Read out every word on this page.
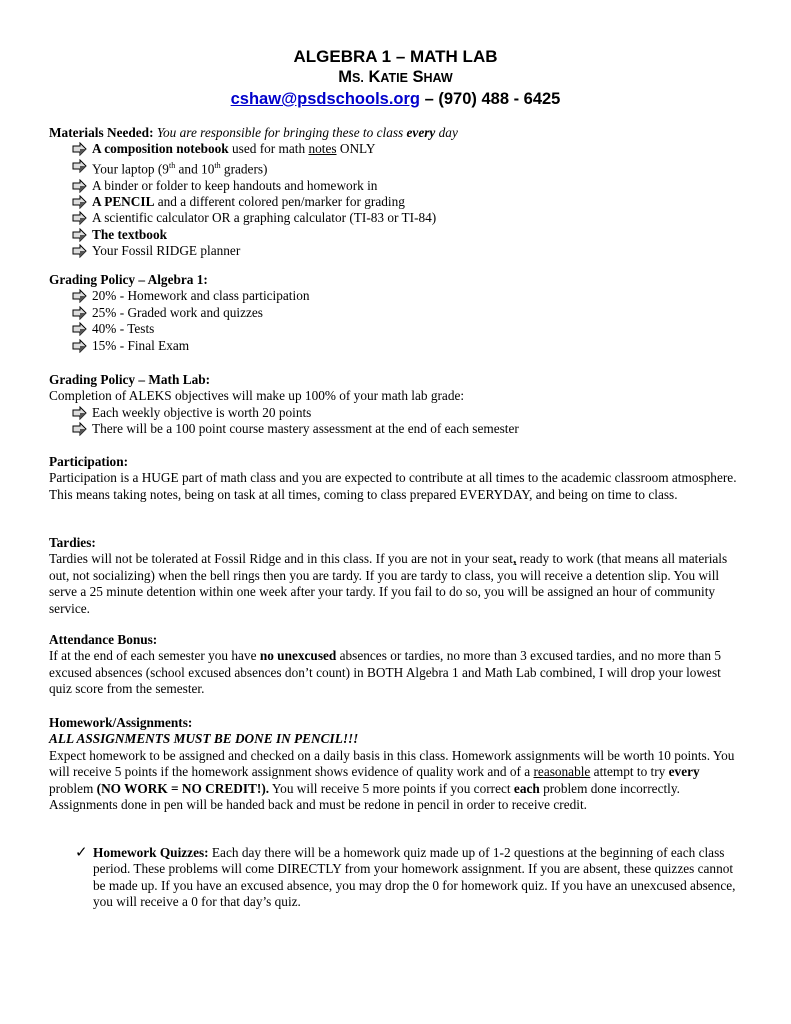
ALGEBRA 1 – MATH LAB
MS. KATIE SHAW
cshaw@psdschools.org – (970) 488 - 6425

Materials Needed: You are responsible for bringing these to class every day

A composition notebook used for math notes ONLY
Your laptop (9th and 10th graders)
A binder or folder to keep handouts and homework in
A PENCIL and a different colored pen/marker for grading
A scientific calculator OR a graphing calculator (TI-83 or TI-84)
The textbook
Your Fossil RIDGE planner

Grading Policy – Algebra 1:

20% - Homework and class participation
25% - Graded work and quizzes
40% - Tests
15% - Final Exam

Grading Policy – Math Lab:

Completion of ALEKS objectives will make up 100% of your math lab grade:

Each weekly objective is worth 20 points
There will be a 100 point course mastery assessment at the end of each semester

Participation:

Participation is a HUGE part of math class and you are expected to contribute at all times to the academic classroom atmosphere. This means taking notes, being on task at all times, coming to class prepared EVERYDAY, and being on time to class.

Tardies:

Tardies will not be tolerated at Fossil Ridge and in this class. If you are not in your seat, ready to work (that means all materials out, not socializing) when the bell rings then you are tardy. If you are tardy to class, you will receive a detention slip. You will serve a 25 minute detention within one week after your tardy. If you fail to do so, you will be assigned an hour of community service.

Attendance Bonus:

If at the end of each semester you have no unexcused absences or tardies, no more than 3 excused tardies, and no more than 5 excused absences (school excused absences don’t count) in BOTH Algebra 1 and Math Lab combined, I will drop your lowest quiz score from the semester.

Homework/Assignments:

ALL ASSIGNMENTS MUST BE DONE IN PENCIL!!!

Expect homework to be assigned and checked on a daily basis in this class. Homework assignments will be worth 10 points. You will receive 5 points if the homework assignment shows evidence of quality work and of a reasonable attempt to try every problem (NO WORK = NO CREDIT!). You will receive 5 more points if you correct each problem done incorrectly. Assignments done in pen will be handed back and must be redone in pencil in order to receive credit.

✓ Homework Quizzes: Each day there will be a homework quiz made up of 1-2 questions at the beginning of each class period. These problems will come DIRECTLY from your homework assignment. If you are absent, these quizzes cannot be made up. If you have an excused absence, you may drop the 0 for homework quiz. If you have an unexcused absence, you will receive a 0 for that day’s quiz.
